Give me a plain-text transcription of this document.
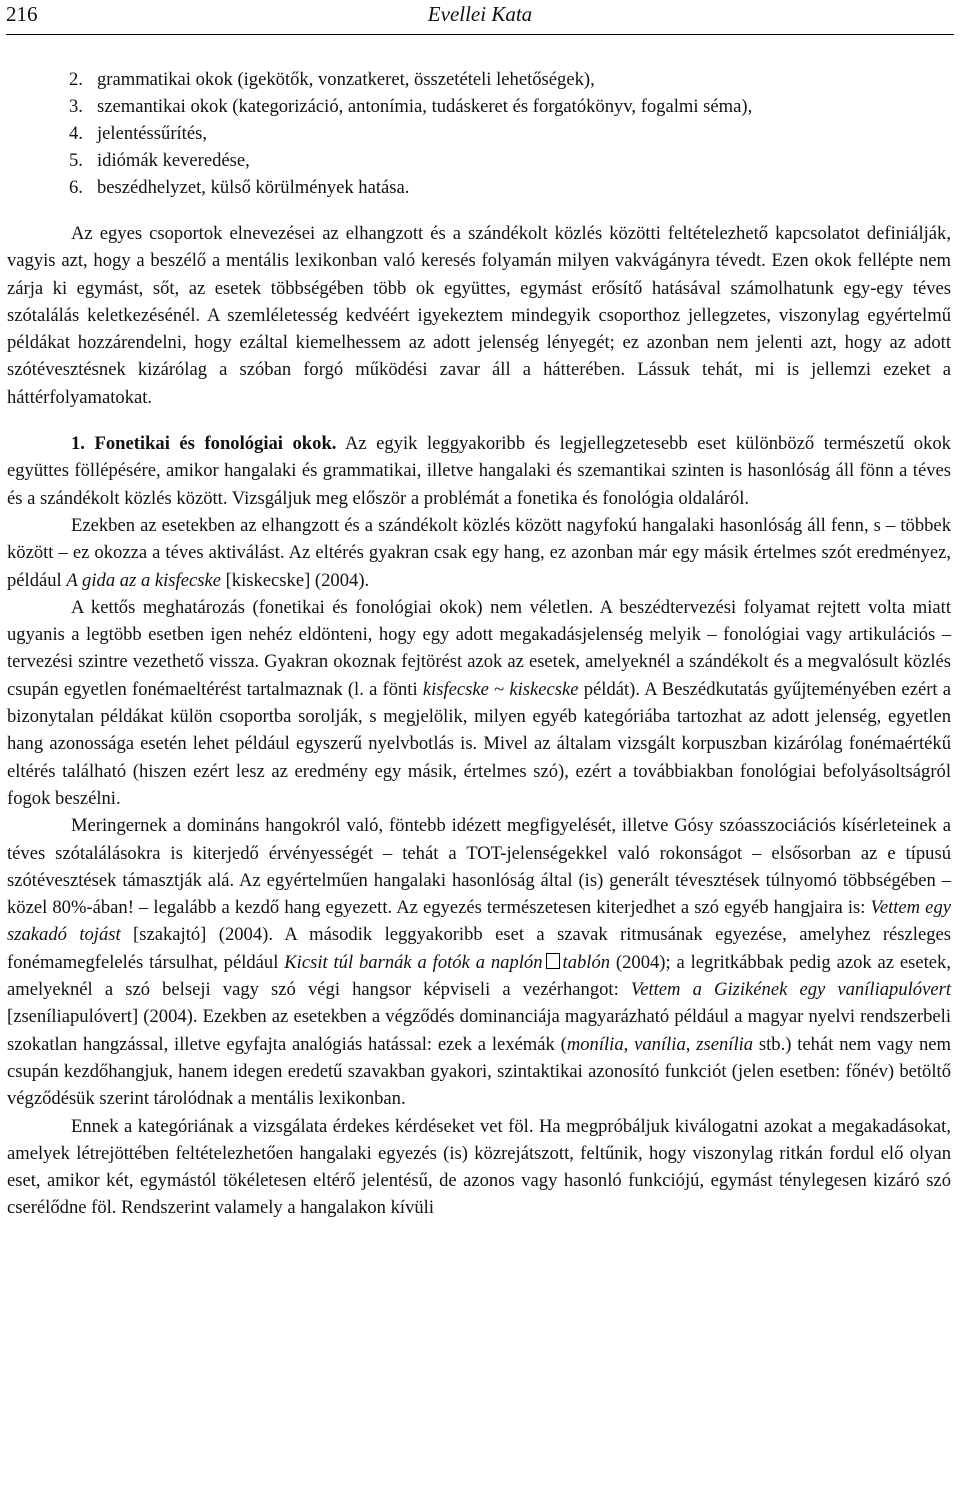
216	Evellei Kata
2. grammatikai okok (igekötők, vonzatkeret, összetételi lehetőségek),
3. szemantikai okok (kategorizáció, antonímia, tudáskeret és forgatókönyv, fogalmi séma),
4. jelentéssűrítés,
5. idiómák keveredése,
6. beszédhelyzet, külső körülmények hatása.

Az egyes csoportok elnevezései az elhangzott és a szándékolt közlés közötti feltételezhető kapcsolatot definiálják, vagyis azt, hogy a beszélő a mentális lexikonban való keresés folyamán milyen vakvágányra tévedt. Ezen okok fellépte nem zárja ki egymást, sőt, az esetek többségében több ok együttes, egymást erősítő hatásával számolhatunk egy-egy téves szótalálás keletkezésénél. A szemléletesség kedvéért igyekeztem mindegyik csoporthoz jellegzetes, viszonylag egyértelmű példákat hozzárendelni, hogy ezáltal kiemelhessem az adott jelenség lényegét; ez azonban nem jelenti azt, hogy az adott szótévesztésnek kizárólag a szóban forgó működési zavar áll a hátterében. Lássuk tehát, mi is jellemzi ezeket a háttérfolyamatokat.

1. Fonetikai és fonológiai okok. Az egyik leggyakoribb és legjellegzetesebb eset különböző természetű okok együttes föllépésére, amikor hangalaki és grammatikai, illetve hangalaki és szemantikai szinten is hasonlóság áll fönn a téves és a szándékolt közlés között. Vizsgáljuk meg először a problémát a fonetika és fonológia oldaláról.

Ezekben az esetekben az elhangzott és a szándékolt közlés között nagyfokú hangalaki hasonlóság áll fenn, s – többek között – ez okozza a téves aktiválást. Az eltérés gyakran csak egy hang, ez azonban már egy másik értelmes szót eredményez, például A gida az a kisfecske [kiskecske] (2004).

A kettős meghatározás (fonetikai és fonológiai okok) nem véletlen. A beszédtervezési folyamat rejtett volta miatt ugyanis a legtöbb esetben igen nehéz eldönteni, hogy egy adott megakadásjelenség melyik – fonológiai vagy artikulációs – tervezési szintre vezethető vissza. Gyakran okoznak fejtörést azok az esetek, amelyeknél a szándékolt és a megvalósult közlés csupán egyetlen fonémaeltérést tartalmaznak (l. a fönti kisfecske ~ kiskecske példát). A Beszédkutatás gyűjteményében ezért a bizonytalan példákat külön csoportba sorolják, s megjelölik, milyen egyéb kategóriába tartozhat az adott jelenség, egyetlen hang azonossága esetén lehet például egyszerű nyelvbotlás is. Mivel az általam vizsgált korpuszban kizárólag fonémaértékű eltérés található (hiszen ezért lesz az eredmény egy másik, értelmes szó), ezért a továbbiakban fonológiai befolyásoltságról fogok beszélni.

Meringernek a domináns hangokról való, föntebb idézett megfigyelését, illetve Gósy szóasszociációs kísérleteinek a téves szótalálásokra is kiterjedő érvényességét – tehát a TOT-jelenségekkel való rokonságot – elsősorban az e típusú szótévesztések támasztják alá. Az egyértelműen hangalaki hasonlóság által (is) generált tévesztések túlnyomó többségében – közel 80%-ában! – legalább a kezdő hang egyezett. Az egyezés természetesen kiterjedhet a szó egyéb hangjaira is: Vettem egy szakadó tojást [szakajtó] (2004). A második leggyakoribb eset a szavak ritmusának egyezése, amelyhez részleges fonémamegfelelés társulhat, például Kicsit túl barnák a fotók a naplón tablón (2004); a legritkábbak pedig azok az esetek, amelyeknél a szó belseji vagy szó végi hangsor képviseli a vezérhangot: Vettem a Gizikének egy vaníliapulóvert [zseníliapulóvert] (2004). Ezekben az esetekben a végződés dominanciája magyarázható például a magyar nyelvi rendszerbeli szokatlan hangzással, illetve egyfajta analógiás hatással: ezek a lexémák (monília, vanília, zsenília stb.) tehát nem vagy nem csupán kezdőhangjuk, hanem idegen eredetű szavakban gyakori, szintaktikai azonosító funkciót (jelen esetben: főnév) betöltő végződésük szerint tárolódnak a mentális lexikonban.

Ennek a kategóriának a vizsgálata érdekes kérdéseket vet föl. Ha megpróbáljuk kiválogatni azokat a megakadásokat, amelyek létrejöttében feltételezhetően hangalaki egyezés (is) közrejátszott, feltűnik, hogy viszonylag ritkán fordul elő olyan eset, amikor két, egymástól tökéletesen eltérő jelentésű, de azonos vagy hasonló funkciójú, egymást ténylegesen kizáró szó cserélődne föl. Rendszerint valamely a hangalakon kívüli
